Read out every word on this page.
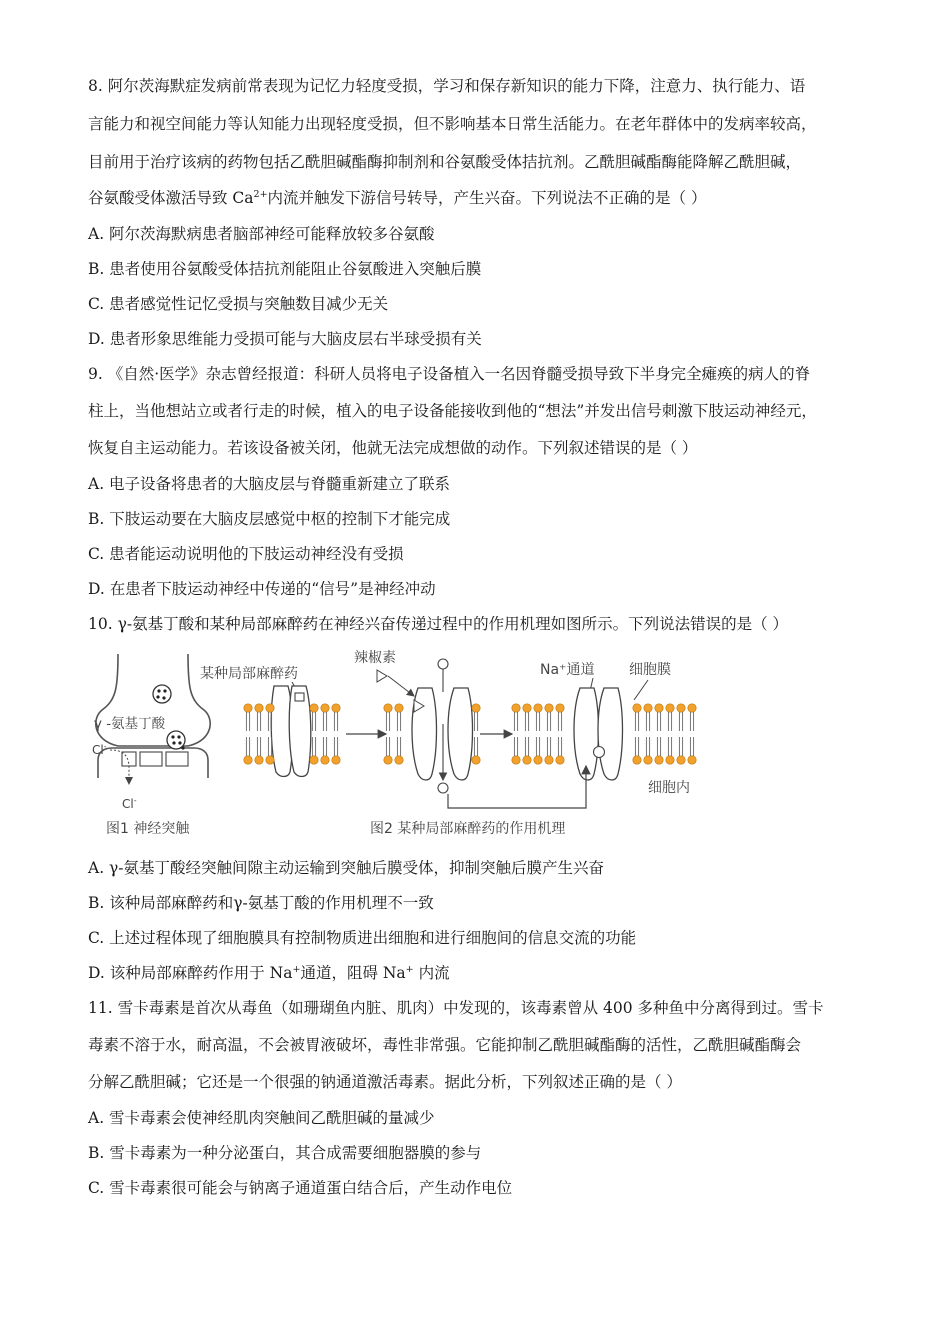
8. 阿尔茨海默症发病前常表现为记忆力轻度受损，学习和保存新知识的能力下降，注意力、执行能力、语
言能力和视空间能力等认知能力出现轻度受损，但不影响基本日常生活能力。在老年群体中的发病率较高，
目前用于治疗该病的药物包括乙酰胆碱酯酶抑制剂和谷氨酸受体拮抗剂。乙酰胆碱酯酶能降解乙酰胆碱，
谷氨酸受体激活导致 $Ca^{2+}$内流并触发下游信号转导，产生兴奋。下列说法不正确的是（ ）
A. 阿尔茨海默病患者脑部神经可能释放较多谷氨酸
B. 患者使用谷氨酸受体拮抗剂能阻止谷氨酸进入突触后膜
C. 患者感觉性记忆受损与突触数目减少无关
D. 患者形象思维能力受损可能与大脑皮层右半球受损有关
9. 《自然·医学》杂志曾经报道：科研人员将电子设备植入一名因脊髓受损导致下半身完全瘫痪的病人的脊
柱上，当他想站立或者行走的时候，植入的电子设备能接收到他的“想法”并发出信号刺激下肢运动神经元，
恢复自主运动能力。若该设备被关闭，他就无法完成想做的动作。下列叙述错误的是（ ）
A. 电子设备将患者的大脑皮层与脊髓重新建立了联系
B. 下肢运动要在大脑皮层感觉中枢的控制下才能完成
C. 患者能运动说明他的下肢运动神经没有受损
D. 在患者下肢运动神经中传递的“信号”是神经冲动
10. γ-氨基丁酸和某种局部麻醉药在神经兴奋传递过程中的作用机理如图所示。下列说法错误的是（ ）
γ -氨基丁酸
Cl-
Cl-
图1 神经突触
某种局部麻醉药
辣椒素
Na⁺通道 细胞膜
细胞内
图2 某种局部麻醉药的作用机理
A. γ-氨基丁酸经突触间隙主动运输到突触后膜受体，抑制突触后膜产生兴奋
B. 该种局部麻醉药和γ-氨基丁酸的作用机理不一致
C. 上述过程体现了细胞膜具有控制物质进出细胞和进行细胞间的信息交流的功能
D. 该种局部麻醉药作用于 Na+通道，阻碍 Na+ 内流
11. 雪卡毒素是首次从毒鱼（如珊瑚鱼内脏、肌肉）中发现的，该毒素曾从 400 多种鱼中分离得到过。雪卡
毒素不溶于水，耐高温，不会被胃液破坏，毒性非常强。它能抑制乙酰胆碱酯酶的活性，乙酰胆碱酯酶会
分解乙酰胆碱；它还是一个很强的钠通道激活毒素。据此分析，下列叙述正确的是（ ）
A. 雪卡毒素会使神经肌肉突触间乙酰胆碱的量减少
B. 雪卡毒素为一种分泌蛋白，其合成需要细胞器膜的参与
C. 雪卡毒素很可能会与钠离子通道蛋白结合后，产生动作电位
